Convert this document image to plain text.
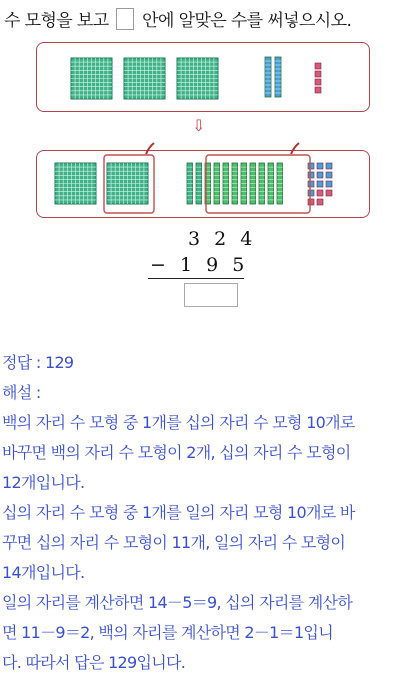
수 모형을 보고 안에 알맞은 수를 써넣으시오.
⇩
3 2 4
− 1 9 5
정답 : 129
해설 :
백의 자리 수 모형 중 1개를 십의 자리 수 모형 10개로
바꾸면 백의 자리 수 모형이 2개, 십의 자리 수 모형이
12개입니다.
십의 자리 수 모형 중 1개를 일의 자리 모형 10개로 바
꾸면 십의 자리 수 모형이 11개, 일의 자리 수 모형이
14개입니다.
일의 자리를 계산하면 14－5＝9, 십의 자리를 계산하
면 11－9＝2, 백의 자리를 계산하면 2－1＝1입니
다. 따라서 답은 129입니다.
